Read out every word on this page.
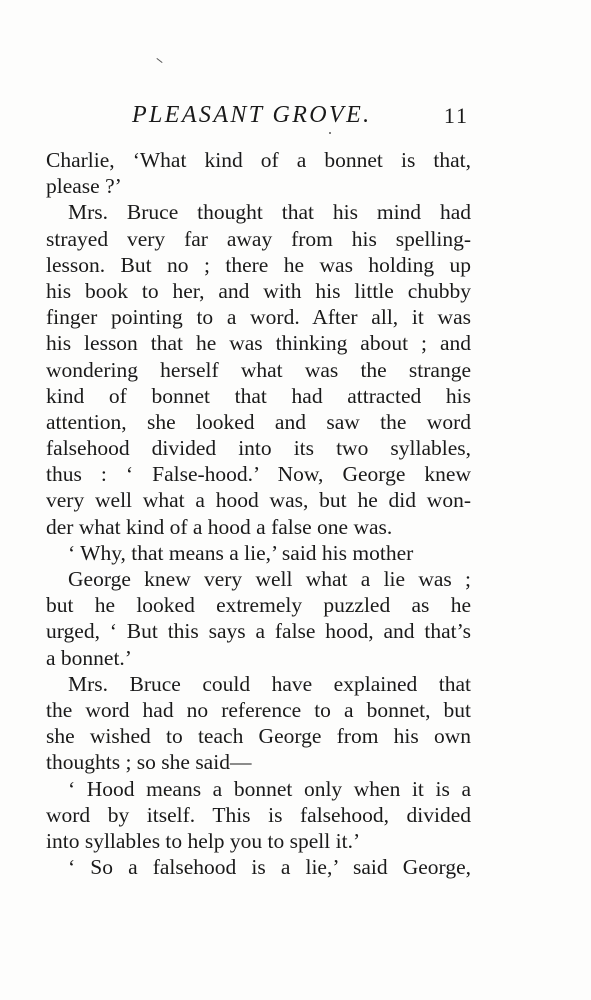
PLEASANT GROVE.	11
Charlie, ‘What kind of a bonnet is that,
please ?’
Mrs. Bruce thought that his mind had
strayed very far away from his spelling-
lesson. But no ; there he was holding up
his book to her, and with his little chubby
finger pointing to a word. After all, it was
his lesson that he was thinking about ; and
wondering herself what was the strange
kind of bonnet that had attracted his
attention, she looked and saw the word
falsehood divided into its two syllables,
thus : ‘ False-hood.’ Now, George knew
very well what a hood was, but he did won-
der what kind of a hood a false one was.
‘ Why, that means a lie,’ said his mother
George knew very well what a lie was ;
but he looked extremely puzzled as he
urged, ‘ But this says a false hood, and that’s
a bonnet.’
Mrs. Bruce could have explained that
the word had no reference to a bonnet, but
she wished to teach George from his own
thoughts ; so she said—
‘ Hood means a bonnet only when it is a
word by itself. This is falsehood, divided
into syllables to help you to spell it.’
‘ So a falsehood is a lie,’ said George,
